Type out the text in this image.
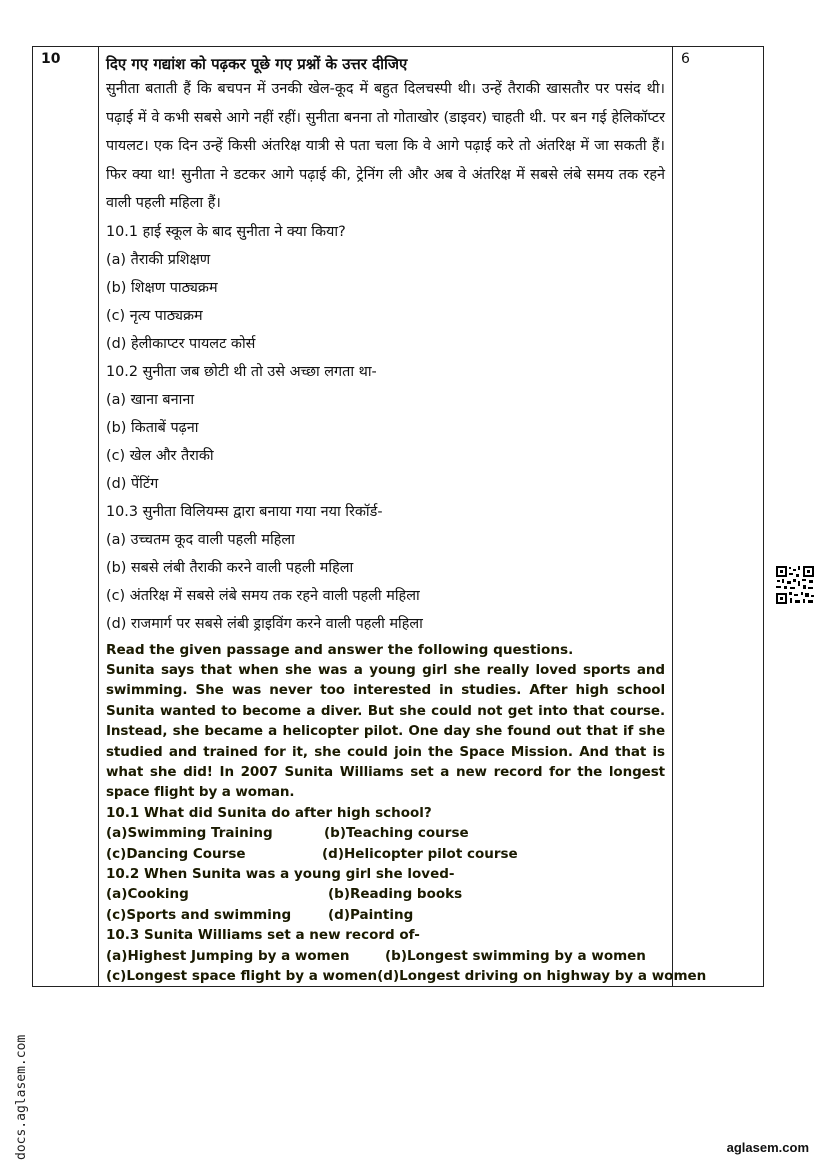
10	दिए गए गद्यांश को पढ़कर पूछे गए प्रश्नों के उत्तर दीजिए

सुनीता बताती हैं कि बचपन में उनकी खेल-कूद में बहुत दिलचस्पी थी। उन्हें तैराकी खासतौर पर पसंद थी। पढ़ाई में वे कभी सबसे आगे नहीं रहीं। सुनीता बनना तो गोताखोर (डाइवर) चाहती थी. पर बन गई हेलिकॉप्टर पायलट। एक दिन उन्हें किसी अंतरिक्ष यात्री से पता चला कि वे आगे पढ़ाई करे तो अंतरिक्ष में जा सकती हैं। फिर क्या था! सुनीता ने डटकर आगे पढ़ाई की, ट्रेनिंग ली और अब वे अंतरिक्ष में सबसे लंबे समय तक रहने वाली पहली महिला हैं।

10.1 हाई स्कूल के बाद सुनीता ने क्या किया?

(a) तैराकी प्रशिक्षण

(b) शिक्षण पाठ्यक्रम

(c) नृत्य पाठ्यक्रम

(d) हेलीकाप्टर पायलट कोर्स

10.2 सुनीता जब छोटी थी तो उसे अच्छा लगता था-

(a) खाना बनाना

(b) किताबें पढ़ना

(c) खेल और तैराकी

(d) पेंटिंग

10.3 सुनीता विलियम्स द्वारा बनाया गया नया रिकॉर्ड-

(a) उच्चतम कूद वाली पहली महिला

(b) सबसे लंबी तैराकी करने वाली पहली महिला

(c) अंतरिक्ष में सबसे लंबे समय तक रहने वाली पहली महिला

(d) राजमार्ग पर सबसे लंबी ड्राइविंग करने वाली पहली महिला

Read the given passage and answer the following questions.

Sunita says that when she was a young girl she really loved sports and swimming. She was never too interested in studies. After high school Sunita wanted to become a diver. But she could not get into that course. Instead, she became a helicopter pilot. One day she found out that if she studied and trained for it, she could join the Space Mission. And that is what she did! In 2007 Sunita Williams set a new record for the longest space flight by a woman.

10.1 What did Sunita do after high school?

(a)Swimming Training	(b)Teaching course
(c)Dancing Course	(d)Helicopter pilot course

10.2 When Sunita was a young girl she loved-

(a)Cooking	(b)Reading books
(c)Sports and swimming	(d)Painting

10.3 Sunita Williams set a new record of-

(a)Highest Jumping by a women	(b)Longest swimming by a women
(c)Longest space flight by a women (d)Longest driving on highway by a women
	6
docs.aglasem.com	aglasem.com
